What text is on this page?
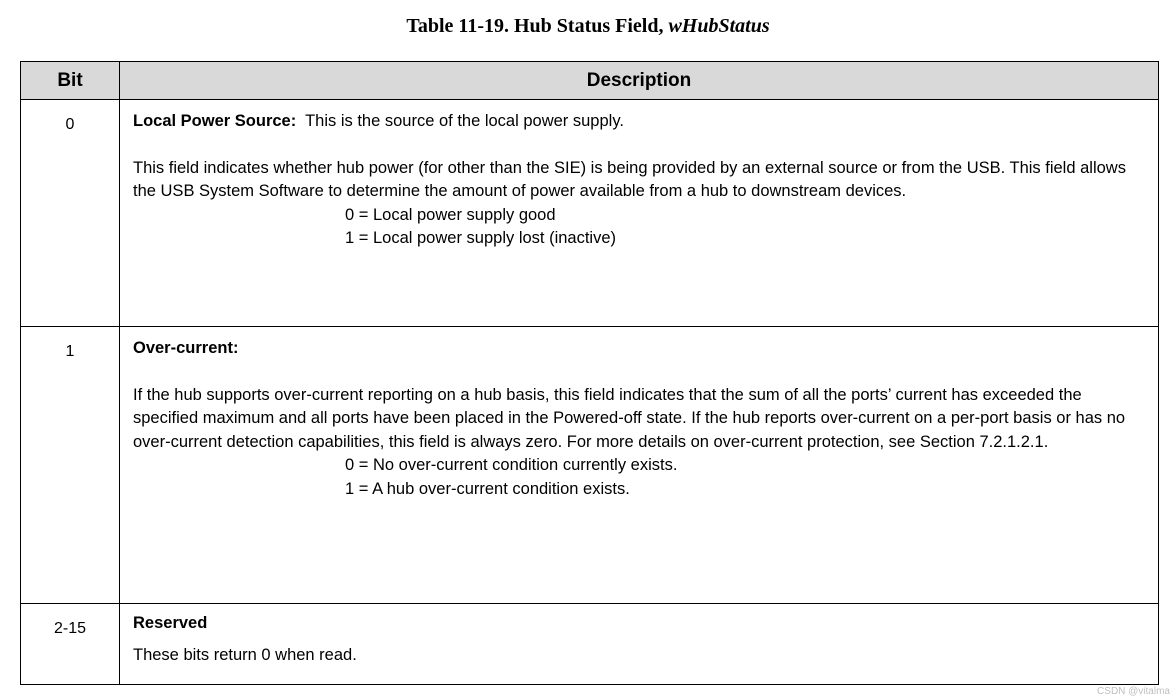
Table 11-19. Hub Status Field, wHubStatus
Bit	Description
0	Local Power Source:  This is the source of the local power supply.
This field indicates whether hub power (for other than the SIE) is being provided by an external source or from the USB. This field allows the USB System Software to determine the amount of power available from a hub to downstream devices.
0 = Local power supply good
1 = Local power supply lost (inactive)

1	Over-current:
If the hub supports over-current reporting on a hub basis, this field indicates that the sum of all the ports’ current has exceeded the specified maximum and all ports have been placed in the Powered-off state. If the hub reports over-current on a per-port basis or has no over-current detection capabilities, this field is always zero. For more details on over-current protection, see Section 7.2.1.2.1.
0 = No over-current condition currently exists.
1 = A hub over-current condition exists.

2-15	Reserved
These bits return 0 when read.
CSDN @vitalma
